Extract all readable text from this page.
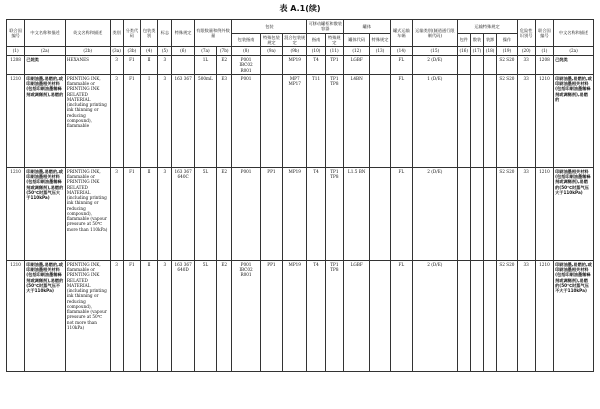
表 A.1(续)
联合国编号	中文名称和描述	英文名称和描述	类别	分类代码	包装类别	标志	特殊规定	有限数量和例外数量		包装			可移动罐柜和散装容器		罐体		罐式运输车辆	运输类别(隧道通行限制代码)	运输特殊规定				危险性识别号	联合国编号	中文名称和描述
										包装指南	特殊包装规定	混合包装规定	指南	特殊规定	罐体代码	特殊规定			包件	散装	装卸	操作			
(1)	(2a)	(2b)	(3a)	(3b)	(4)	(5)	(6)	(7a)	(7b)	(8)	(9a)	(9b)	(10)	(11)	(12)	(13)	(14)	(15)	(16)	(17)	(18)	(19)	(20)	(1)	(2a)
1208	己烷类	HEXANES	3	F1	Ⅱ	3		1L	E2	P001 IBC02 R001		MP19	T4	TP1	LGBF		FL	2 (D/E)				S2 S20	33	1208	己烷类
1210	印刷油墨,易燃的,或印刷油墨相关材料(包括印刷油墨稀释剂或调稀剂),易燃的	PRINTING INK, flammable or PRINTING INK RELATED MATERIAL (including printing ink thinning or reducing compound), flammable	3	F1	Ⅰ	3	163 367	500mL	E3	P001		MP7 MP17	T11	TP1 TP8	L4BN		FL	1 (D/E)				S2 S20	33	1210	印刷油墨,易燃的,或印刷油墨相关材料(包括印刷油墨稀释剂或调稀剂),易燃的
1210	印刷油墨,易燃的,或印刷油墨相关材料(包括印刷油墨稀释剂或调稀剂),易燃的(50℃时蒸气压大于110kPa)	PRINTING INK, flammable or PRINTING INK RELATED MATERIAL (including printing ink thinning or reducing compound), flammable (vapour pressure at 50℃ more than 110kPa)	3	F1	Ⅱ	3	163 367 640C	5L	E2	P001	PP1	MP19	T4	TP1 TP8	L1.5 BN		FL	2 (D/E)				S2 S20	33	1210	印刷油墨相关材料(包括印刷油墨稀释剂或调稀剂),易燃的(50℃时蒸气压大于110kPa)
1210	印刷油墨,易燃的,或印刷油墨相关材料(包括印刷油墨稀释剂或调稀剂),易燃的(50℃时蒸气压不大于110kPa)	PRINTING INK, flammable or PRINTING INK RELATED MATERIAL (including printing ink thinning or reducing compound), flammable (vapour pressure at 50℃ not more than 110kPa)	3	F1	Ⅱ	3	163 367 640D	5L	E2	P001 IBC02 R001	PP1	MP19	T4	TP1 TP8	LGBF		FL	2 (D/E)				S2 S20	33	1210	印刷油墨,易燃的,或印刷油墨相关材料(包括印刷油墨稀释剂或调稀剂),易燃的(50℃时蒸气压不大于110kPa)
